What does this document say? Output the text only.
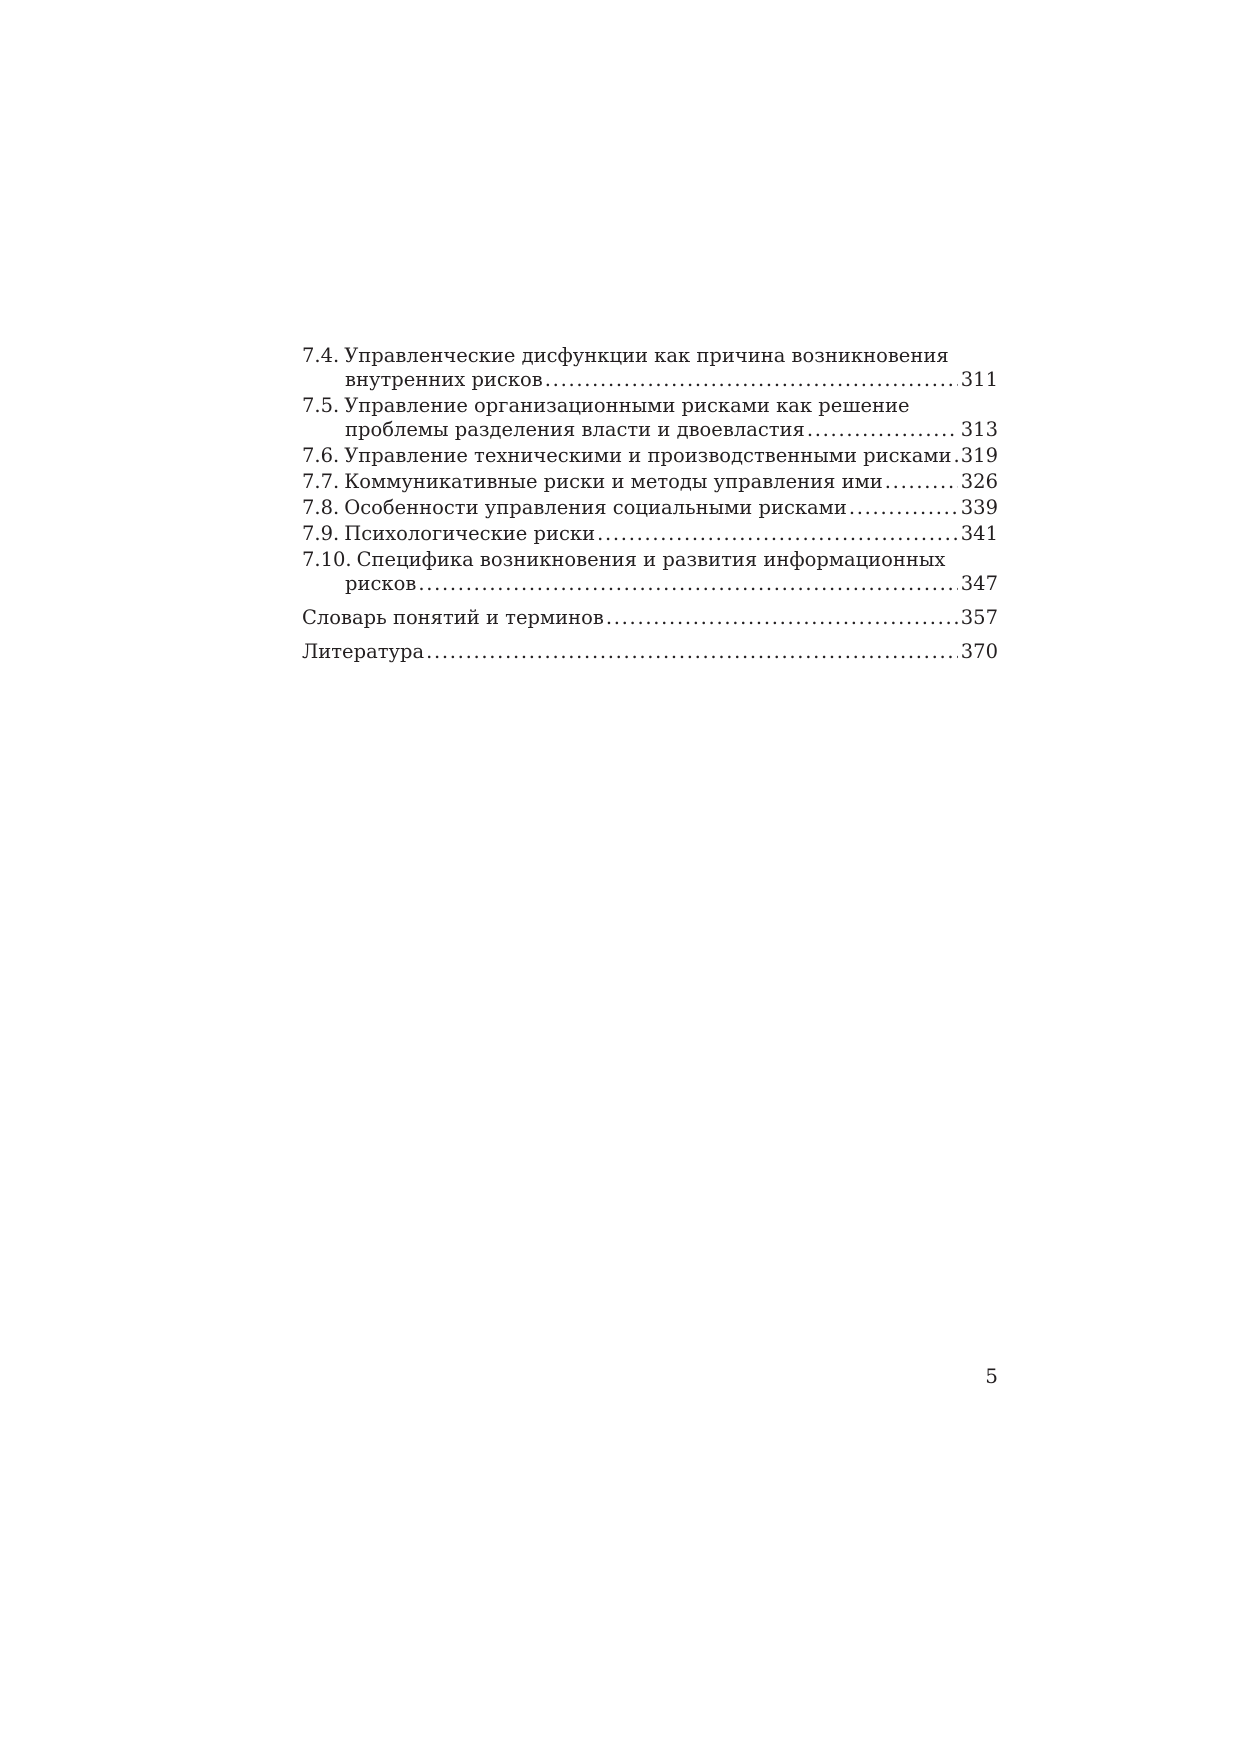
7.4. Управленческие дисфункции как причина возникновения
внутренних рисков .....	311
7.5. Управление организационными рисками как решение
проблемы разделения власти и двоевластия .....	313
7.6. Управление техническими и производственными рисками ..... 319
7.7. Коммуникативные риски и методы управления ими .....	326
7.8. Особенности управления социальными рисками .....	339
7.9. Психологические риски .....	341
7.10. Специфика возникновения и развития информационных
рисков .....	347
Словарь понятий и терминов .....	357
Литература .....	370
5
